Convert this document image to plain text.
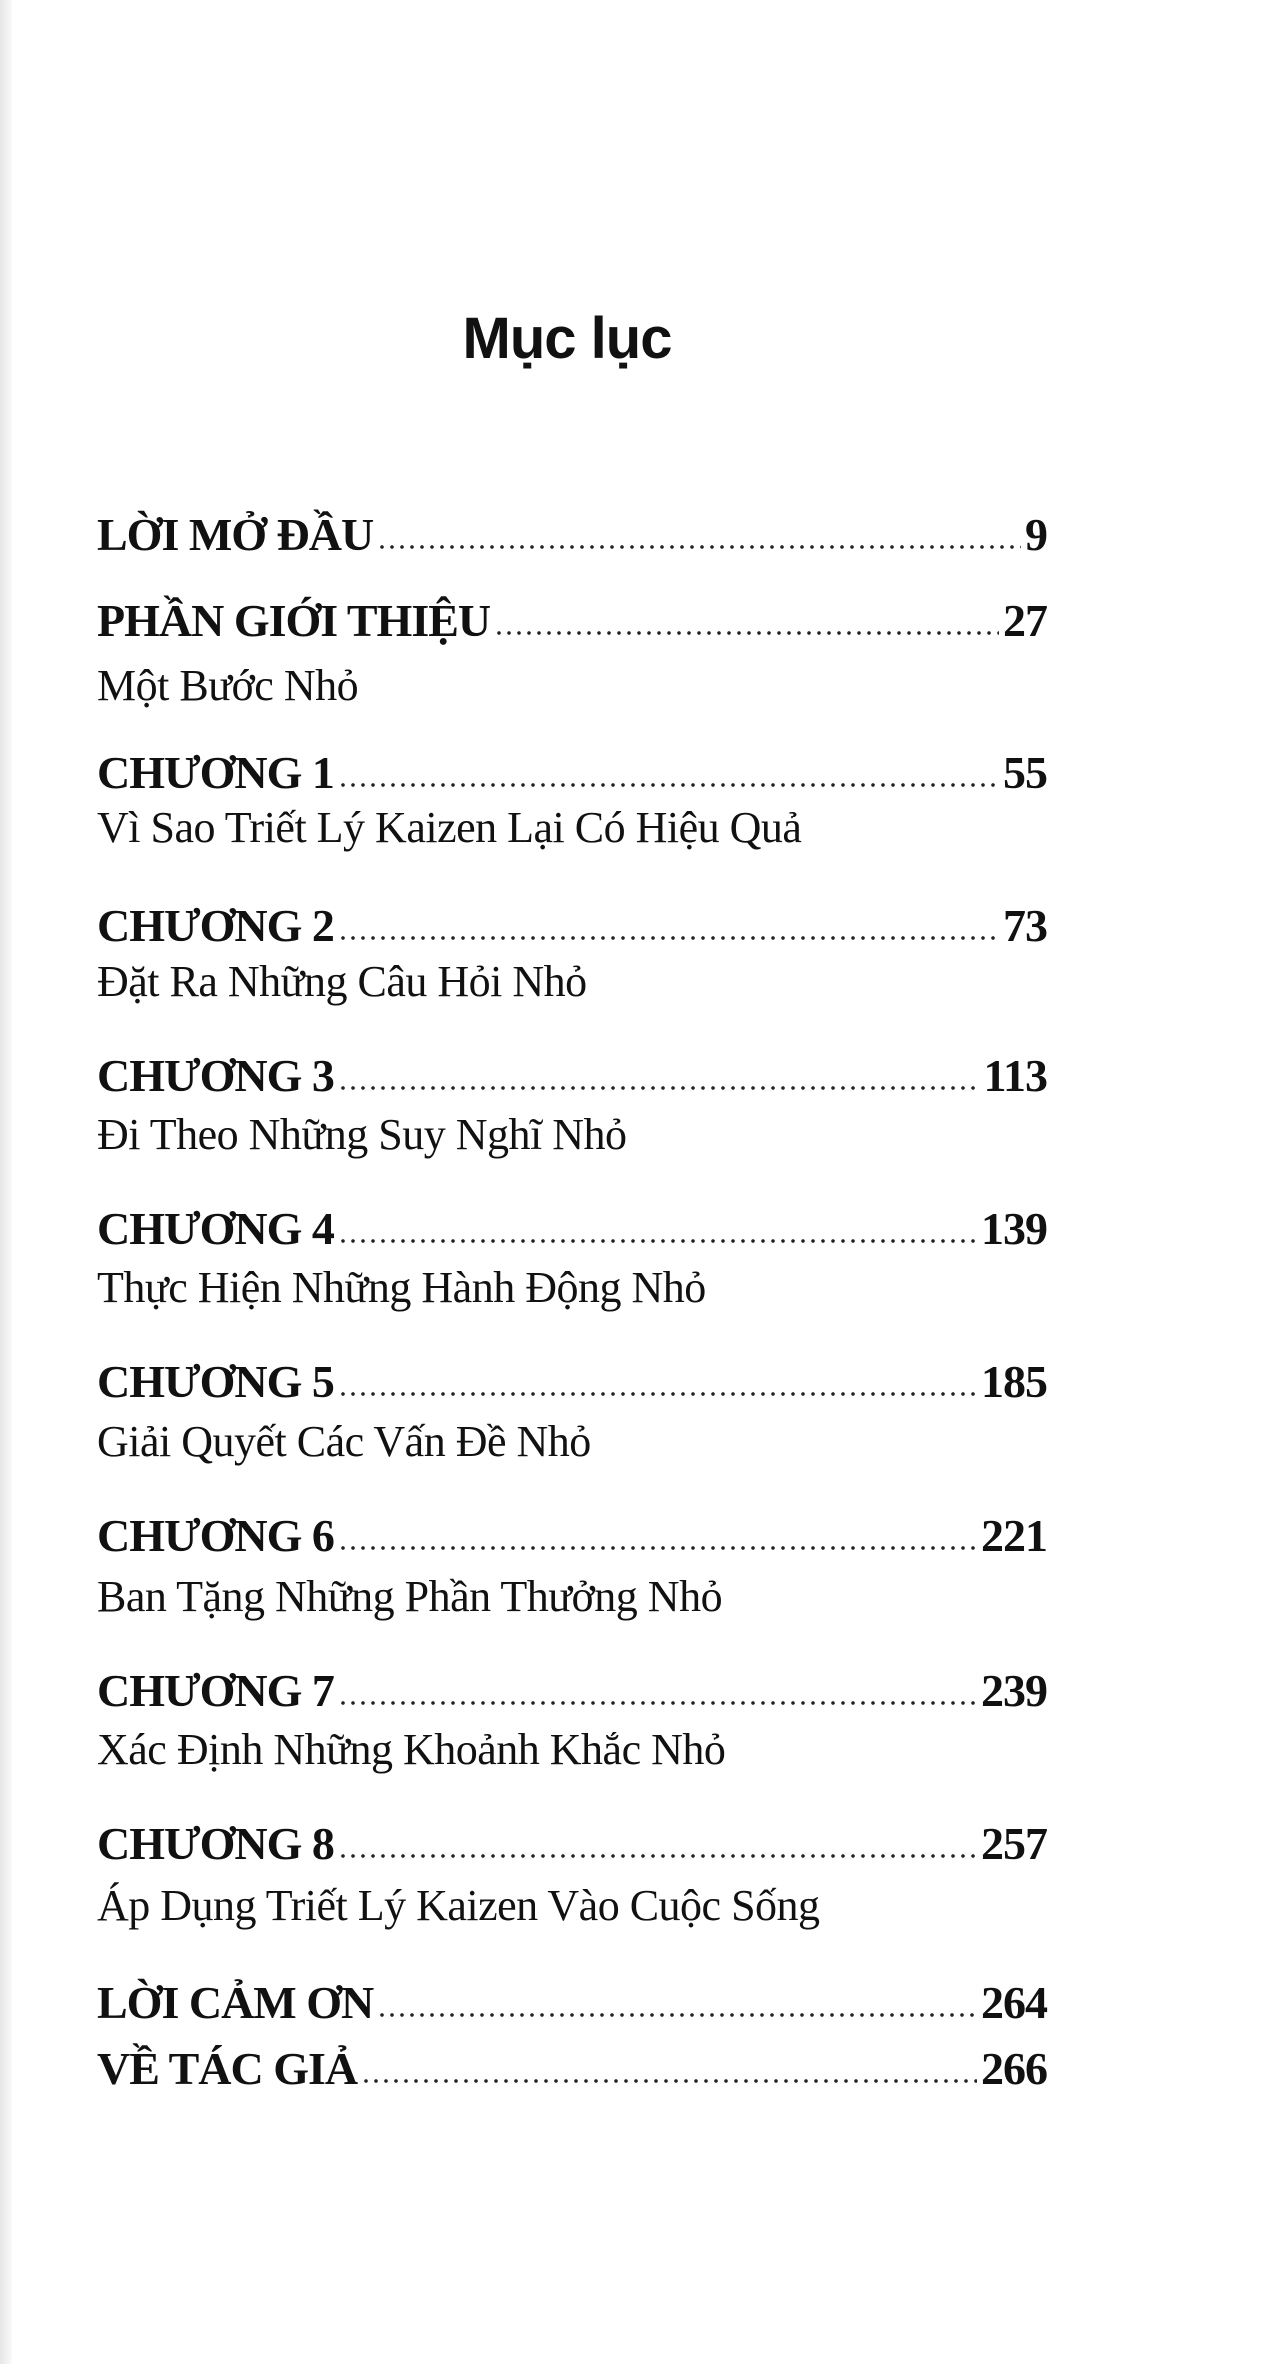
Mục lục
LỜI MỞ ĐẦU	9
PHẦN GIỚI THIỆU	27
Một Bước Nhỏ
CHƯƠNG 1	55
Vì Sao Triết Lý Kaizen Lại Có Hiệu Quả
CHƯƠNG 2	73
Đặt Ra Những Câu Hỏi Nhỏ
CHƯƠNG 3	113
Đi Theo Những Suy Nghĩ Nhỏ
CHƯƠNG 4	139
Thực Hiện Những Hành Động Nhỏ
CHƯƠNG 5	185
Giải Quyết Các Vấn Đề Nhỏ
CHƯƠNG 6	221
Ban Tặng Những Phần Thưởng Nhỏ
CHƯƠNG 7	239
Xác Định Những Khoảnh Khắc Nhỏ
CHƯƠNG 8	257
Áp Dụng Triết Lý Kaizen Vào Cuộc Sống
LỜI CẢM ƠN	264
VỀ TÁC GIẢ	266
